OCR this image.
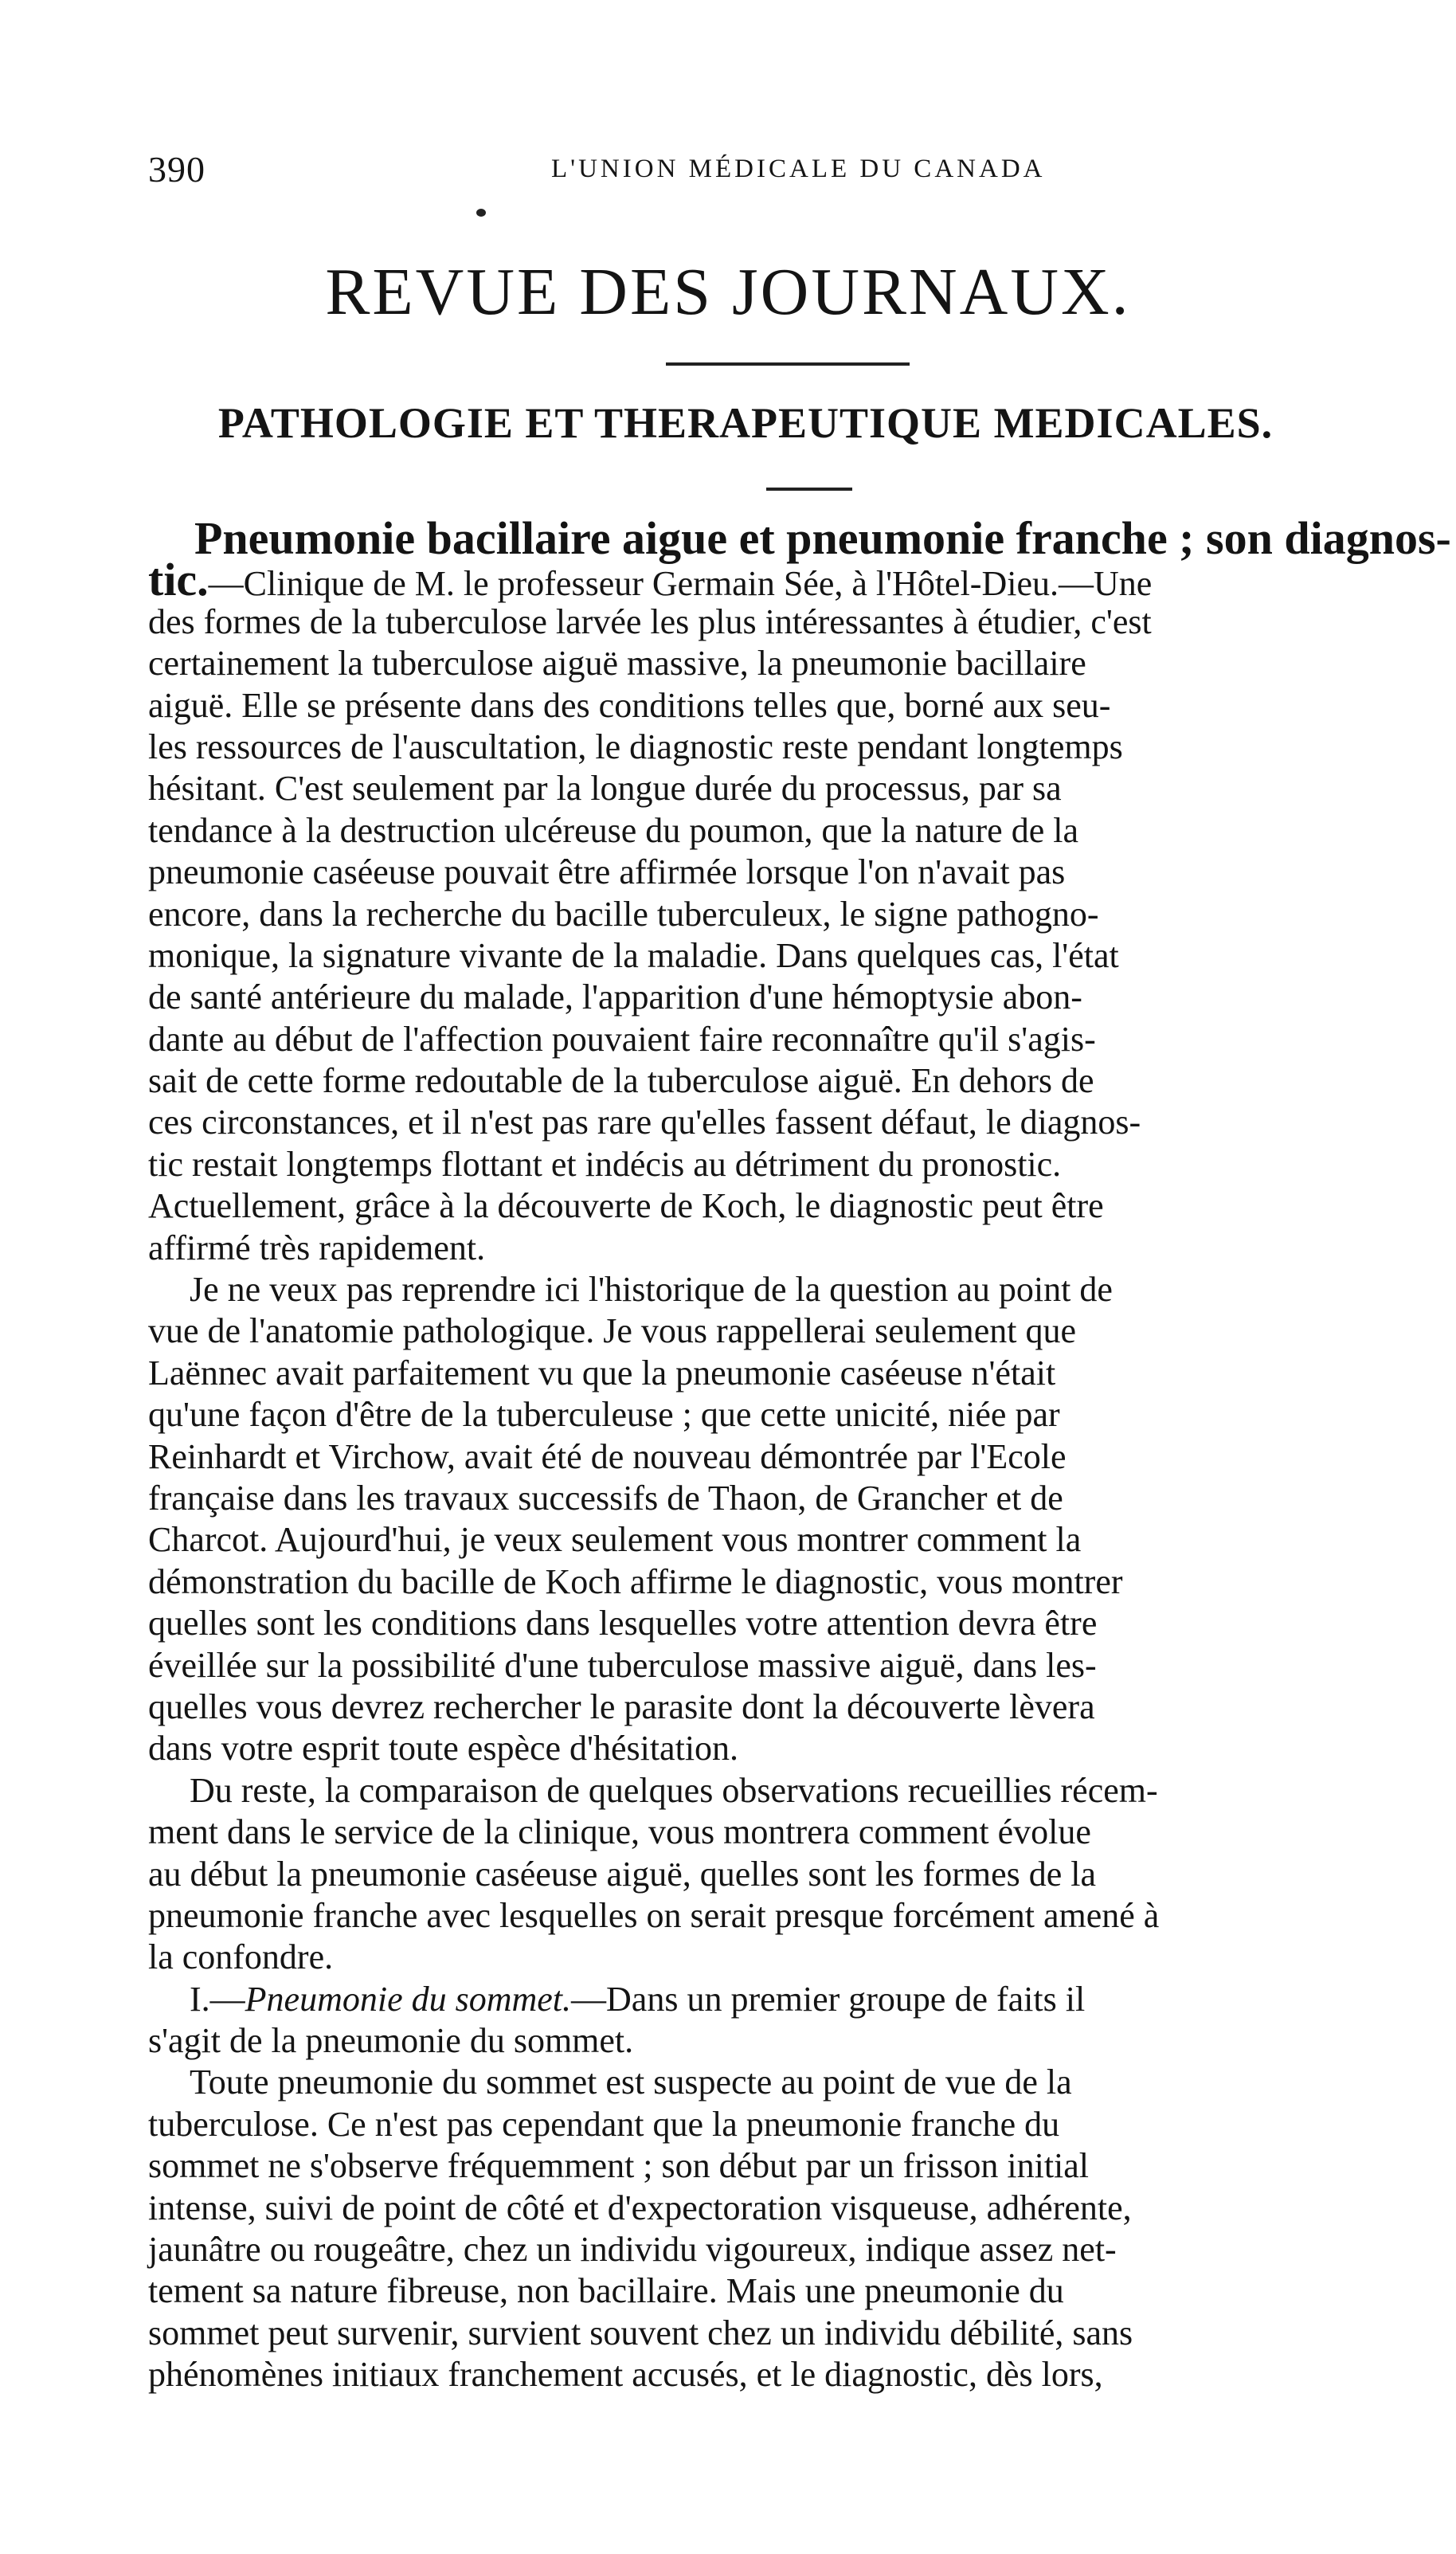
390	L'UNION MÉDICALE DU CANADA
REVUE DES JOURNAUX.
PATHOLOGIE ET THERAPEUTIQUE MEDICALES.
Pneumonie bacillaire aigue et pneumonie franche ; son diagnos-
tic.—Clinique de M. le professeur Germain Sée, à l'Hôtel-Dieu.—Une
des formes de la tuberculose larvée les plus intéressantes à étudier, c'est
certainement la tuberculose aiguë massive, la pneumonie bacillaire
aiguë. Elle se présente dans des conditions telles que, borné aux seu-
les ressources de l'auscultation, le diagnostic reste pendant longtemps
hésitant. C'est seulement par la longue durée du processus, par sa
tendance à la destruction ulcéreuse du poumon, que la nature de la
pneumonie caséeuse pouvait être affirmée lorsque l'on n'avait pas
encore, dans la recherche du bacille tuberculeux, le signe pathogno-
monique, la signature vivante de la maladie. Dans quelques cas, l'état
de santé antérieure du malade, l'apparition d'une hémoptysie abon-
dante au début de l'affection pouvaient faire reconnaître qu'il s'agis-
sait de cette forme redoutable de la tuberculose aiguë. En dehors de
ces circonstances, et il n'est pas rare qu'elles fassent défaut, le diagnos-
tic restait longtemps flottant et indécis au détriment du pronostic.
Actuellement, grâce à la découverte de Koch, le diagnostic peut être
affirmé très rapidement.
Je ne veux pas reprendre ici l'historique de la question au point de
vue de l'anatomie pathologique. Je vous rappellerai seulement que
Laënnec avait parfaitement vu que la pneumonie caséeuse n'était
qu'une façon d'être de la tuberculeuse ; que cette unicité, niée par
Reinhardt et Virchow, avait été de nouveau démontrée par l'Ecole
française dans les travaux successifs de Thaon, de Grancher et de
Charcot. Aujourd'hui, je veux seulement vous montrer comment la
démonstration du bacille de Koch affirme le diagnostic, vous montrer
quelles sont les conditions dans lesquelles votre attention devra être
éveillée sur la possibilité d'une tuberculose massive aiguë, dans les-
quelles vous devrez rechercher le parasite dont la découverte lèvera
dans votre esprit toute espèce d'hésitation.
Du reste, la comparaison de quelques observations recueillies récem-
ment dans le service de la clinique, vous montrera comment évolue
au début la pneumonie caséeuse aiguë, quelles sont les formes de la
pneumonie franche avec lesquelles on serait presque forcément amené à
la confondre.
I.—Pneumonie du sommet.—Dans un premier groupe de faits il
s'agit de la pneumonie du sommet.
Toute pneumonie du sommet est suspecte au point de vue de la
tuberculose. Ce n'est pas cependant que la pneumonie franche du
sommet ne s'observe fréquemment ; son début par un frisson initial
intense, suivi de point de côté et d'expectoration visqueuse, adhérente,
jaunâtre ou rougeâtre, chez un individu vigoureux, indique assez net-
tement sa nature fibreuse, non bacillaire. Mais une pneumonie du
sommet peut survenir, survient souvent chez un individu débilité, sans
phénomènes initiaux franchement accusés, et le diagnostic, dès lors,
